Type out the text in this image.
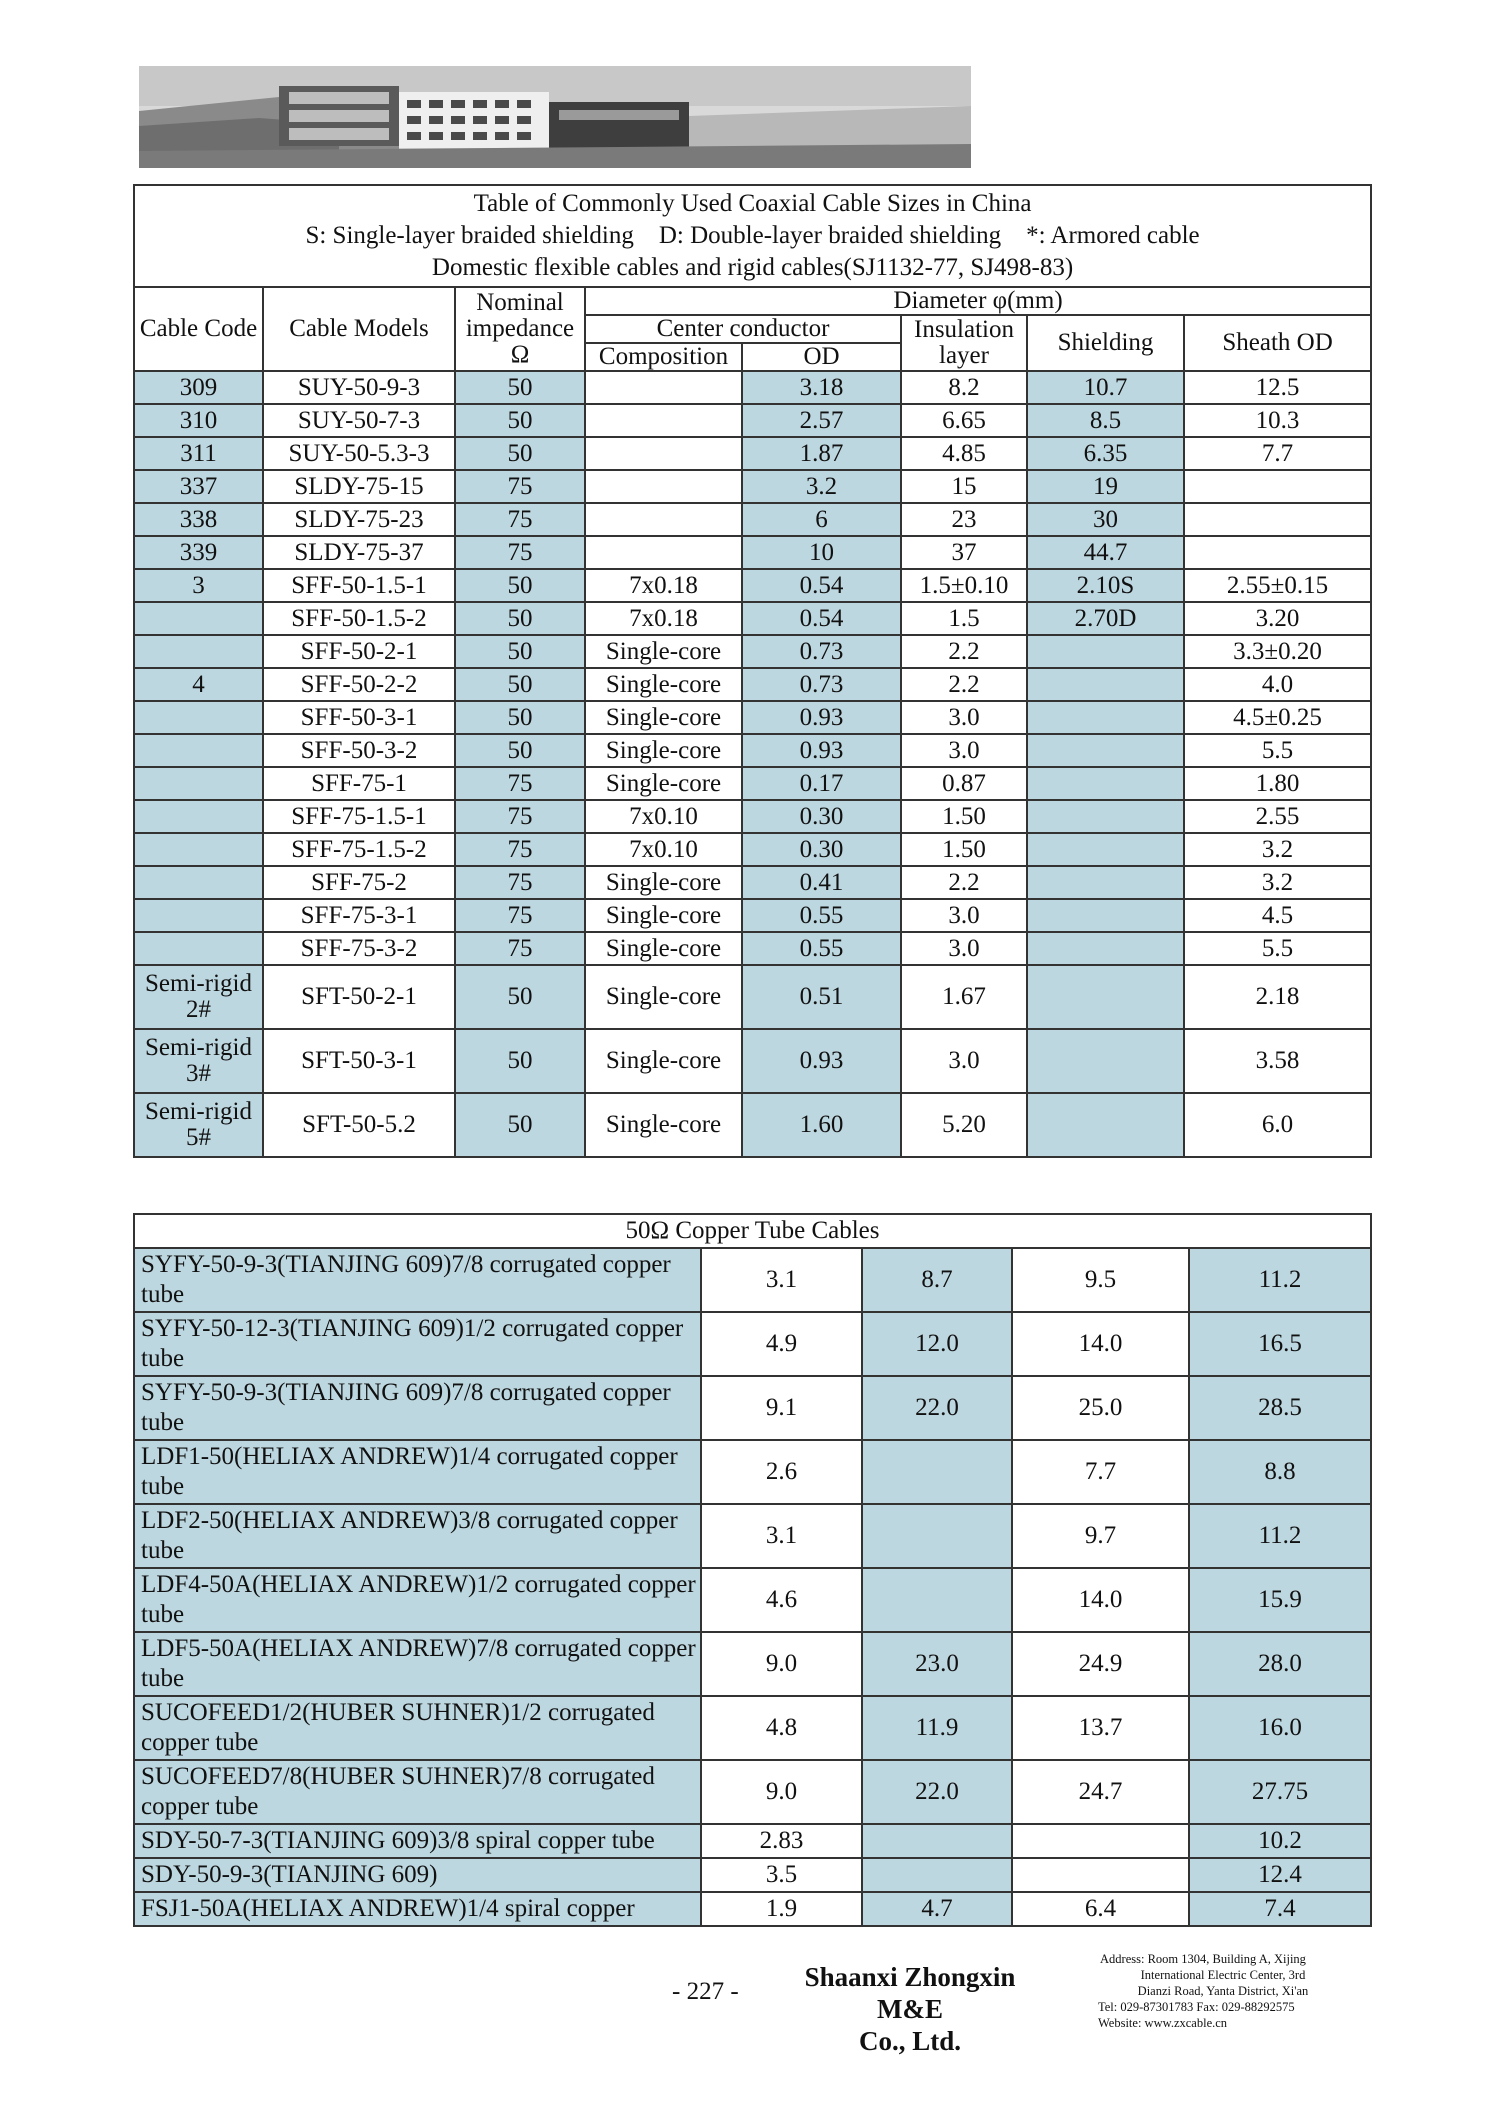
Table of Commonly Used Coaxial Cable Sizes in China
S: Single-layer braided shielding    D: Double-layer braided shielding    *: Armored cable
Domestic flexible cables and rigid cables(SJ1132-77, SJ498-83)							

Cable Code	Cable Models	Nominal impedance Ω	Diameter φ(mm)				
			Center conductor		Insulation layer	Shielding	Sheath OD
			Composition	OD			
309	SUY-50-9-3	50		3.18	8.2	10.7	12.5
310	SUY-50-7-3	50		2.57	6.65	8.5	10.3
311	SUY-50-5.3-3	50		1.87	4.85	6.35	7.7
337	SLDY-75-15	75		3.2	15	19	
338	SLDY-75-23	75		6	23	30	
339	SLDY-75-37	75		10	37	44.7	
3	SFF-50-1.5-1	50	7x0.18	0.54	1.5±0.10	2.10S	2.55±0.15
	SFF-50-1.5-2	50	7x0.18	0.54	1.5	2.70D	3.20
	SFF-50-2-1	50	Single-core	0.73	2.2		3.3±0.20
4	SFF-50-2-2	50	Single-core	0.73	2.2		4.0
	SFF-50-3-1	50	Single-core	0.93	3.0		4.5±0.25
	SFF-50-3-2	50	Single-core	0.93	3.0		5.5
	SFF-75-1	75	Single-core	0.17	0.87		1.80
	SFF-75-1.5-1	75	7x0.10	0.30	1.50		2.55
	SFF-75-1.5-2	75	7x0.10	0.30	1.50		3.2
	SFF-75-2	75	Single-core	0.41	2.2		3.2
	SFF-75-3-1	75	Single-core	0.55	3.0		4.5
	SFF-75-3-2	75	Single-core	0.55	3.0		5.5
Semi-rigid 2#	SFT-50-2-1	50	Single-core	0.51	1.67		2.18
Semi-rigid 3#	SFT-50-3-1	50	Single-core	0.93	3.0		3.58
Semi-rigid 5#	SFT-50-5.2	50	Single-core	1.60	5.20		6.0
50Ω Copper Tube Cables				
SYFY-50-9-3(TIANJING 609)7/8 corrugated copper tube	3.1	8.7	9.5	11.2
SYFY-50-12-3(TIANJING 609)1/2 corrugated copper tube	4.9	12.0	14.0	16.5
SYFY-50-9-3(TIANJING 609)7/8 corrugated copper tube	9.1	22.0	25.0	28.5
LDF1-50(HELIAX ANDREW)1/4 corrugated copper tube	2.6		7.7	8.8
LDF2-50(HELIAX ANDREW)3/8 corrugated copper tube	3.1		9.7	11.2
LDF4-50A(HELIAX ANDREW)1/2 corrugated copper tube	4.6		14.0	15.9
LDF5-50A(HELIAX ANDREW)7/8 corrugated copper tube	9.0	23.0	24.9	28.0
SUCOFEED1/2(HUBER SUHNER)1/2 corrugated copper tube	4.8	11.9	13.7	16.0
SUCOFEED7/8(HUBER SUHNER)7/8 corrugated copper tube	9.0	22.0	24.7	27.75
SDY-50-7-3(TIANJING 609)3/8 spiral copper tube	2.83			10.2
SDY-50-9-3(TIANJING 609)	3.5			12.4
FSJ1-50A(HELIAX ANDREW)1/4 spiral copper	1.9	4.7	6.4	7.4
- 227 -	Shaanxi Zhongxin M&E
Co., Ltd.
Address: Room 1304, Building A, Xijing
International Electric Center, 3rd
Dianzi Road, Yanta District, Xi'an
Tel: 029-87301783 Fax: 029-88292575
Website: www.zxcable.cn
